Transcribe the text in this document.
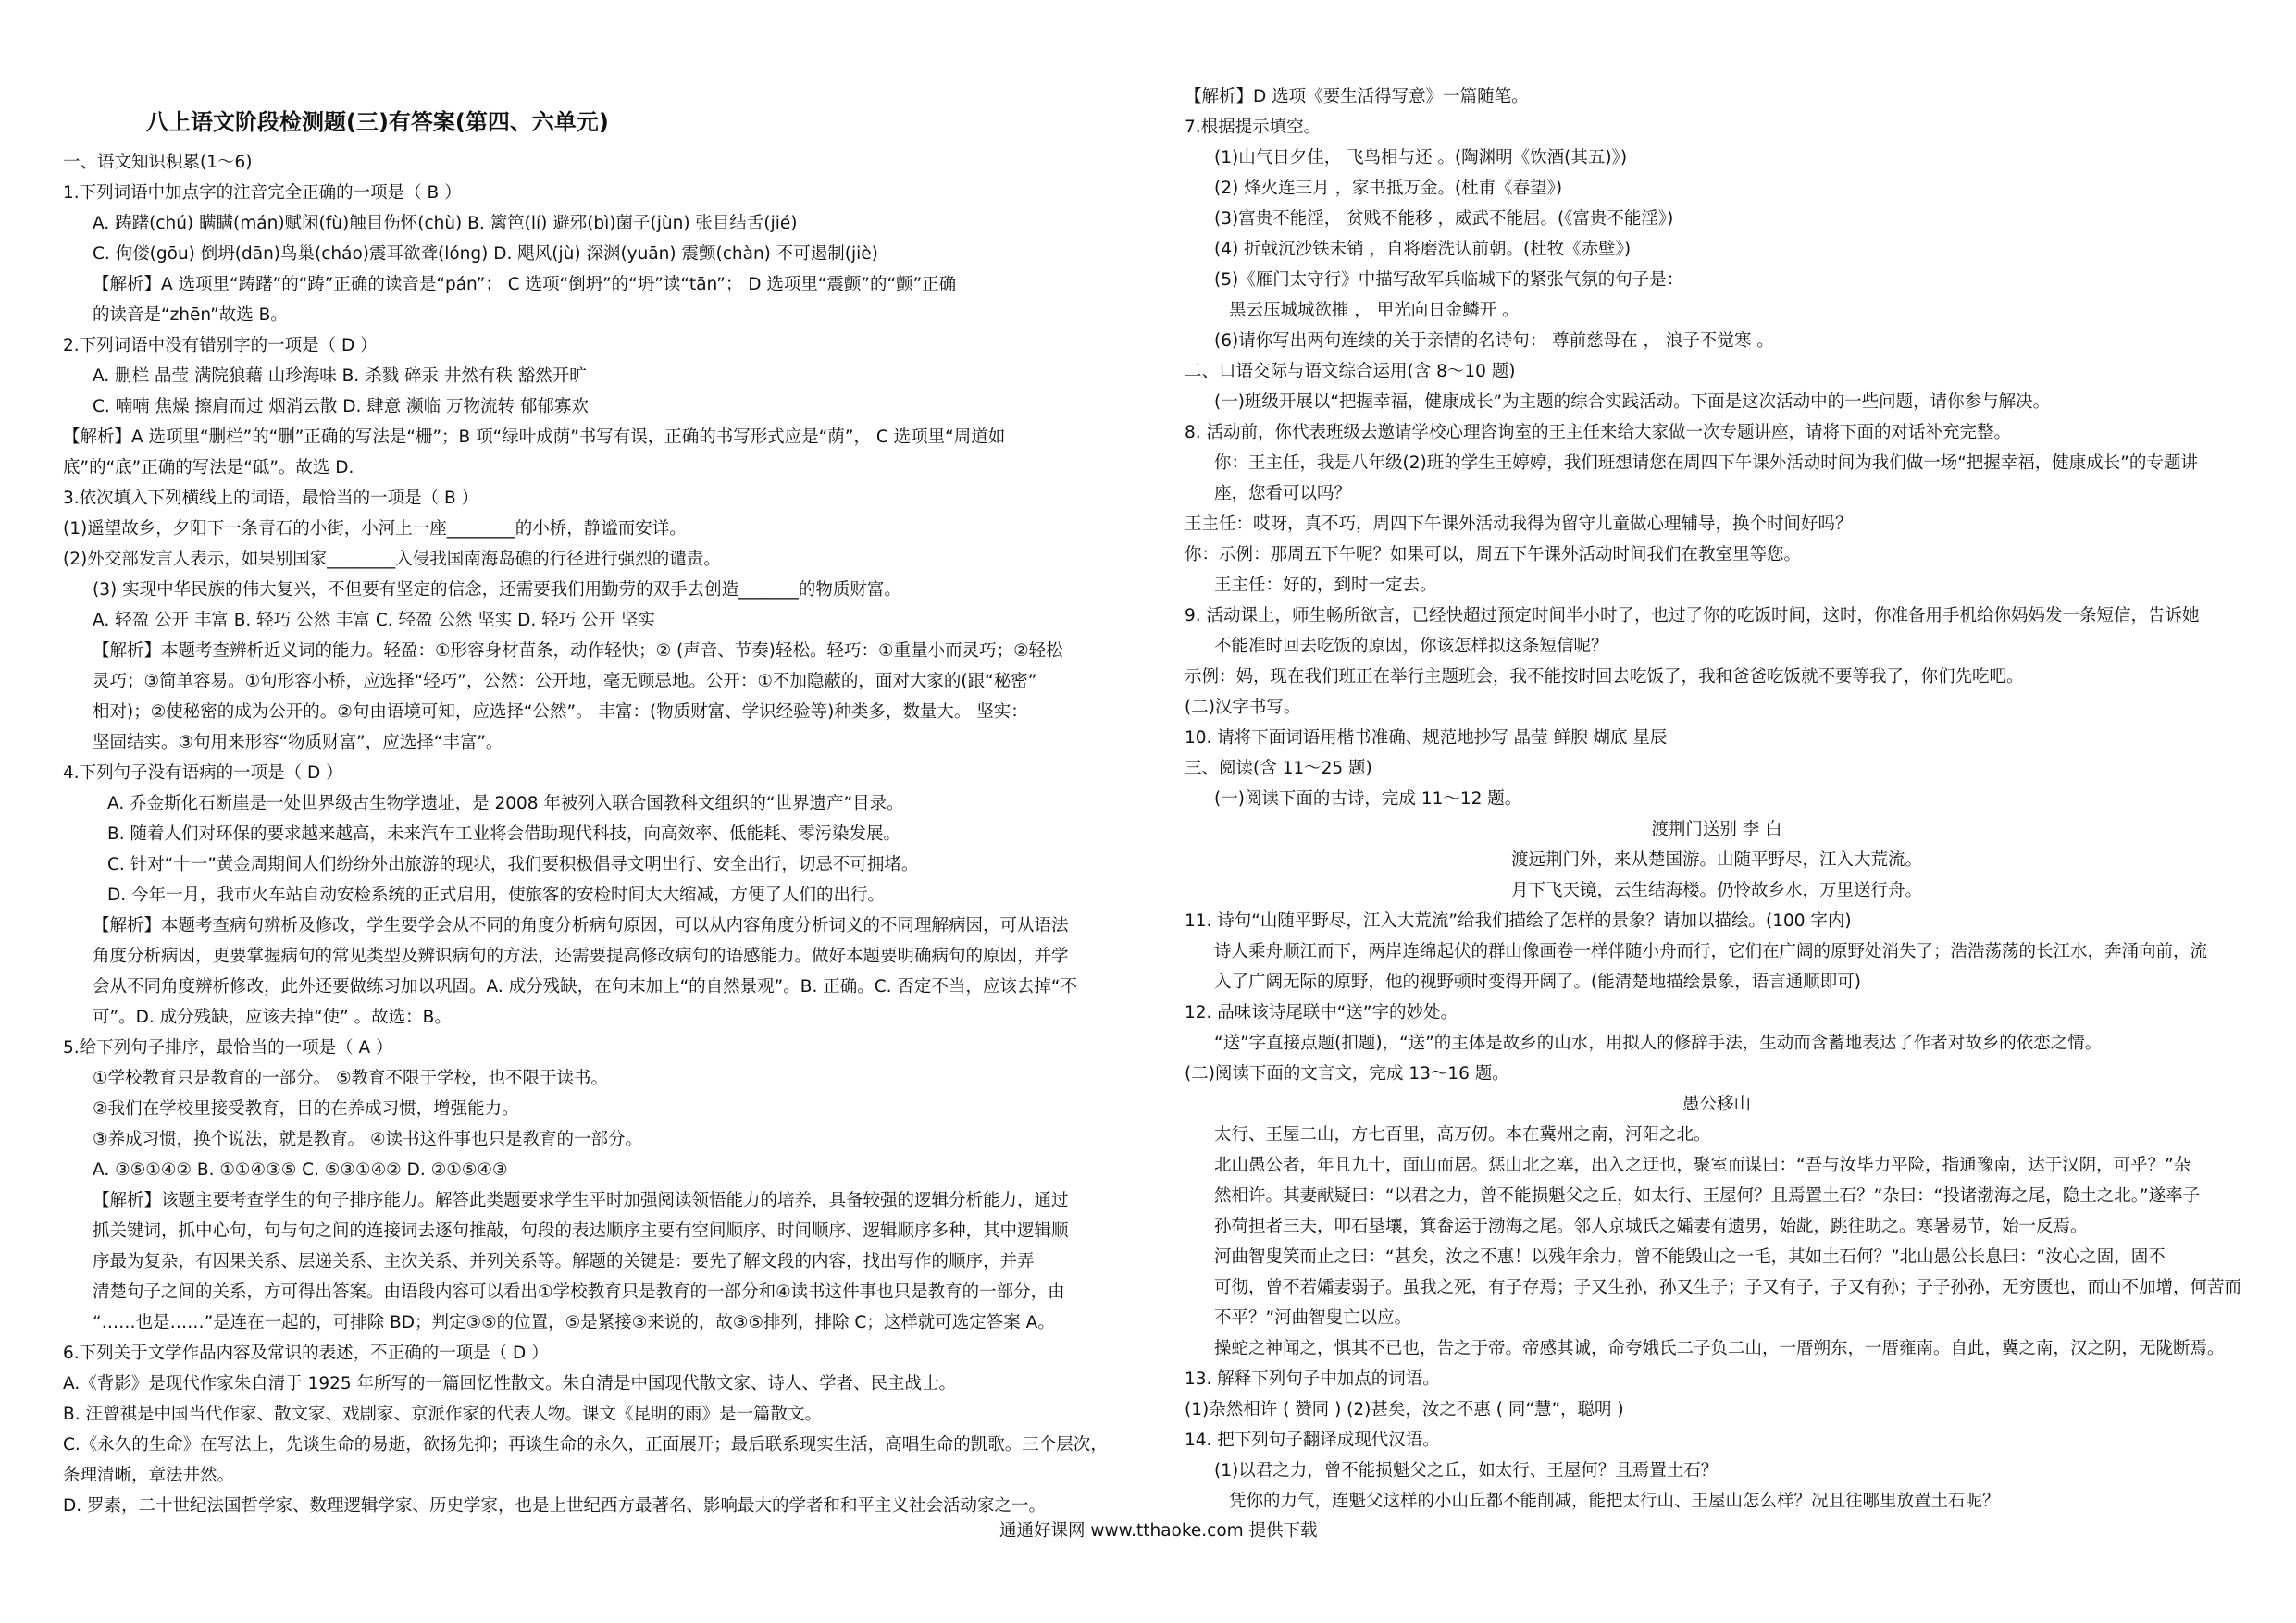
八上语文阶段检测题(三)有答案(第四、六单元)
一、语文知识积累(1～6)
1.下列词语中加点字的注音完全正确的一项是（ B ）
A. 踌躇(chú) 瞒瞒(mán)赋闲(fù)触目伤怀(chù) B. 篱笆(lí) 避邪(bì)菌子(jùn) 张目结舌(jié)
C. 佝偻(gōu) 倒坍(dān)鸟巢(cháo)震耳欲聋(lóng) D. 飓风(jù) 深渊(yuān) 震颤(chàn) 不可遏制(jiè)
【解析】A 选项里“踌躇”的“踌”正确的读音是“pán”； C 选项“倒坍”的“坍”读“tān”； D 选项里“震颤”的“颤”正确
的读音是“zhēn”故选 B。
2.下列词语中没有错别字的一项是（ D ）
A. 删栏 晶莹 满院狼藉 山珍海味 B. 杀戮 碎汞 井然有秩 豁然开旷
C. 喃喃 焦燥 擦肩而过 烟消云散 D. 肆意 濒临 万物流转 郁郁寡欢
【解析】A 选项里“删栏”的“删”正确的写法是“栅”；B 项“绿叶成荫”书写有误，正确的书写形式应是“荫”， C 选项里“周道如
底”的“底”正确的写法是“砥”。故选 D.
3.依次填入下列横线上的词语，最恰当的一项是（ B ）
(1)遥望故乡，夕阳下一条青石的小街，小河上一座________的小桥，静谧而安详。
(2)外交部发言人表示，如果别国家________入侵我国南海岛礁的行径进行强烈的谴责。
(3) 实现中华民族的伟大复兴，不但要有坚定的信念，还需要我们用勤劳的双手去创造_______的物质财富。
A. 轻盈 公开 丰富 B. 轻巧 公然 丰富 C. 轻盈 公然 坚实 D. 轻巧 公开 坚实
【解析】本题考查辨析近义词的能力。轻盈：①形容身材苗条，动作轻快；② (声音、节奏)轻松。轻巧：①重量小而灵巧；②轻松
灵巧；③简单容易。①句形容小桥，应选择“轻巧”，公然：公开地，毫无顾忌地。公开：①不加隐蔽的，面对大家的(跟“秘密”
相对)；②使秘密的成为公开的。②句由语境可知，应选择“公然”。 丰富：(物质财富、学识经验等)种类多，数量大。 坚实：
坚固结实。③句用来形容“物质财富”，应选择“丰富”。
4.下列句子没有语病的一项是（ D ）
A. 乔金斯化石断崖是一处世界级古生物学遗址，是 2008 年被列入联合国教科文组织的“世界遗产”目录。
B. 随着人们对环保的要求越来越高，未来汽车工业将会借助现代科技，向高效率、低能耗、零污染发展。
C. 针对“十一”黄金周期间人们纷纷外出旅游的现状，我们要积极倡导文明出行、安全出行，切忌不可拥堵。
D. 今年一月，我市火车站自动安检系统的正式启用，使旅客的安检时间大大缩减，方便了人们的出行。
【解析】本题考查病句辨析及修改，学生要学会从不同的角度分析病句原因，可以从内容角度分析词义的不同理解病因，可从语法
角度分析病因，更要掌握病句的常见类型及辨识病句的方法，还需要提高修改病句的语感能力。做好本题要明确病句的原因，并学
会从不同角度辨析修改，此外还要做练习加以巩固。A. 成分残缺，在句末加上“的自然景观”。B. 正确。C. 否定不当，应该去掉“不
可”。D. 成分残缺，应该去掉“使” 。故选：B。
5.给下列句子排序，最恰当的一项是（ A ）
①学校教育只是教育的一部分。 ⑤教育不限于学校，也不限于读书。
②我们在学校里接受教育，目的在养成习惯，增强能力。
③养成习惯，换个说法，就是教育。 ④读书这件事也只是教育的一部分。
A. ③⑤①④② B. ①①④③⑤ C. ⑤③①④② D. ②①⑤④③
【解析】该题主要考查学生的句子排序能力。解答此类题要求学生平时加强阅读领悟能力的培养，具备较强的逻辑分析能力，通过
抓关键词，抓中心句，句与句之间的连接词去逐句推敲，句段的表达顺序主要有空间顺序、时间顺序、逻辑顺序多种，其中逻辑顺
序最为复杂，有因果关系、层递关系、主次关系、并列关系等。解题的关键是：要先了解文段的内容，找出写作的顺序，并弄
清楚句子之间的关系，方可得出答案。由语段内容可以看出①学校教育只是教育的一部分和④读书这件事也只是教育的一部分，由
“……也是……”是连在一起的，可排除 BD；判定③⑤的位置，⑤是紧接③来说的，故③⑤排列，排除 C；这样就可选定答案 A。
6.下列关于文学作品内容及常识的表述，不正确的一项是（ D ）
A.《背影》是现代作家朱自清于 1925 年所写的一篇回忆性散文。朱自清是中国现代散文家、诗人、学者、民主战士。
B. 汪曾祺是中国当代作家、散文家、戏剧家、京派作家的代表人物。课文《昆明的雨》是一篇散文。
C.《永久的生命》在写法上，先谈生命的易逝，欲扬先抑；再谈生命的永久，正面展开；最后联系现实生活，高唱生命的凯歌。三个层次，
条理清晰，章法井然。
D. 罗素，二十世纪法国哲学家、数理逻辑学家、历史学家，也是上世纪西方最著名、影响最大的学者和和平主义社会活动家之一。
【解析】D 选项《要生活得写意》一篇随笔。
7.根据提示填空。
(1)山气日夕佳， 飞鸟相与还 。(陶渊明《饮酒(其五)》)
(2) 烽火连三月 ，家书抵万金。(杜甫《春望》)
(3)富贵不能淫， 贫贱不能移 ，威武不能屈。(《富贵不能淫》)
(4) 折戟沉沙铁未销 ，自将磨洗认前朝。(杜牧《赤壁》)
(5)《雁门太守行》中描写敌军兵临城下的紧张气氛的句子是：
黑云压城城欲摧 ， 甲光向日金鳞开 。
(6)请你写出两句连续的关于亲情的名诗句： 尊前慈母在 ， 浪子不觉寒 。
二、口语交际与语文综合运用(含 8～10 题)
(一)班级开展以“把握幸福，健康成长”为主题的综合实践活动。下面是这次活动中的一些问题，请你参与解决。
8. 活动前，你代表班级去邀请学校心理咨询室的王主任来给大家做一次专题讲座，请将下面的对话补充完整。
你：王主任，我是八年级(2)班的学生王婷婷，我们班想请您在周四下午课外活动时间为我们做一场“把握幸福，健康成长”的专题讲
座，您看可以吗？
王主任：哎呀，真不巧，周四下午课外活动我得为留守儿童做心理辅导，换个时间好吗？
你：示例：那周五下午呢？如果可以，周五下午课外活动时间我们在教室里等您。
王主任：好的，到时一定去。
9. 活动课上，师生畅所欲言，已经快超过预定时间半小时了，也过了你的吃饭时间，这时，你准备用手机给你妈妈发一条短信，告诉她
不能准时回去吃饭的原因，你该怎样拟这条短信呢？
示例：妈，现在我们班正在举行主题班会，我不能按时回去吃饭了，我和爸爸吃饭就不要等我了，你们先吃吧。
(二)汉字书写。
10. 请将下面词语用楷书准确、规范地抄写 晶莹 鲜腴 煳底 星辰
三、阅读(含 11～25 题)
(一)阅读下面的古诗，完成 11～12 题。
渡荆门送别 李 白
渡远荆门外，来从楚国游。山随平野尽，江入大荒流。
月下飞天镜，云生结海楼。仍怜故乡水，万里送行舟。
11. 诗句“山随平野尽，江入大荒流”给我们描绘了怎样的景象？请加以描绘。(100 字内)
诗人乘舟顺江而下，两岸连绵起伏的群山像画卷一样伴随小舟而行，它们在广阔的原野处消失了；浩浩荡荡的长江水，奔涌向前，流
入了广阔无际的原野，他的视野顿时变得开阔了。(能清楚地描绘景象，语言通顺即可)
12. 品味该诗尾联中“送”字的妙处。
“送”字直接点题(扣题)，“送”的主体是故乡的山水，用拟人的修辞手法，生动而含蓄地表达了作者对故乡的依恋之情。
(二)阅读下面的文言文，完成 13～16 题。
愚公移山
太行、王屋二山，方七百里，高万仞。本在冀州之南，河阳之北。
北山愚公者，年且九十，面山而居。惩山北之塞，出入之迂也，聚室而谋曰：“吾与汝毕力平险，指通豫南，达于汉阴，可乎？”杂
然相许。其妻献疑曰：“以君之力，曾不能损魁父之丘，如太行、王屋何？且焉置土石？”杂曰：“投诸渤海之尾，隐土之北。”遂率子
孙荷担者三夫，叩石垦壤，箕畚运于渤海之尾。邻人京城氏之孀妻有遗男，始龀，跳往助之。寒暑易节，始一反焉。
河曲智叟笑而止之曰：“甚矣，汝之不惠！以残年余力，曾不能毁山之一毛，其如土石何？”北山愚公长息曰：“汝心之固，固不
可彻，曾不若孀妻弱子。虽我之死，有子存焉；子又生孙，孙又生子；子又有子，子又有孙；子子孙孙，无穷匮也，而山不加增，何苦而
不平？”河曲智叟亡以应。
操蛇之神闻之，惧其不已也，告之于帝。帝感其诚，命夸娥氏二子负二山，一厝朔东，一厝雍南。自此，冀之南，汉之阴，无陇断焉。
13. 解释下列句子中加点的词语。
(1)杂然相许 ( 赞同 ) (2)甚矣，汝之不惠 ( 同“慧”，聪明 )
14. 把下列句子翻译成现代汉语。
(1)以君之力，曾不能损魁父之丘，如太行、王屋何？且焉置土石？
凭你的力气，连魁父这样的小山丘都不能削减，能把太行山、王屋山怎么样？况且往哪里放置土石呢？
通通好课网 www.tthaoke.com 提供下载
